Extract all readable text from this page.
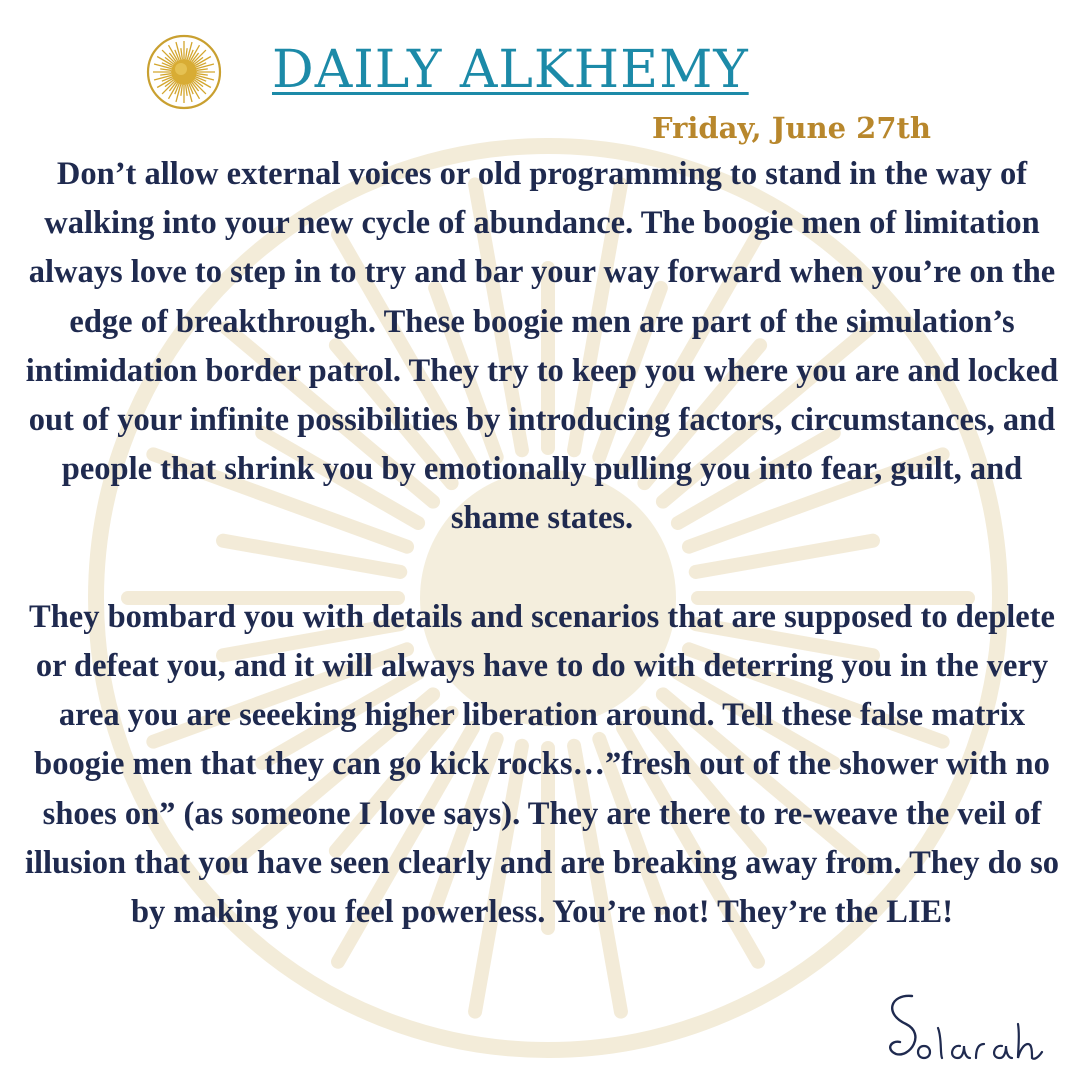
DAILY ALKHEMY
Friday, June 27th

Don’t allow external voices or old programming to stand in the way of walking into your new cycle of abundance. The boogie men of limitation always love to step in to try and bar your way forward when you’re on the edge of breakthrough. These boogie men are part of the simulation’s intimidation border patrol. They try to keep you where you are and locked out of your infinite possibilities by introducing factors, circumstances, and people that shrink you by emotionally pulling you into fear, guilt, and shame states.

They bombard you with details and scenarios that are supposed to deplete or defeat you, and it will always have to do with deterring you in the very area you are seeeking higher liberation around. Tell these false matrix boogie men that they can go kick rocks…”fresh out of the shower with no shoes on” (as someone I love says). They are there to re-weave the veil of illusion that you have seen clearly and are breaking away from. They do so by making you feel powerless. You’re not! They’re the LIE!
